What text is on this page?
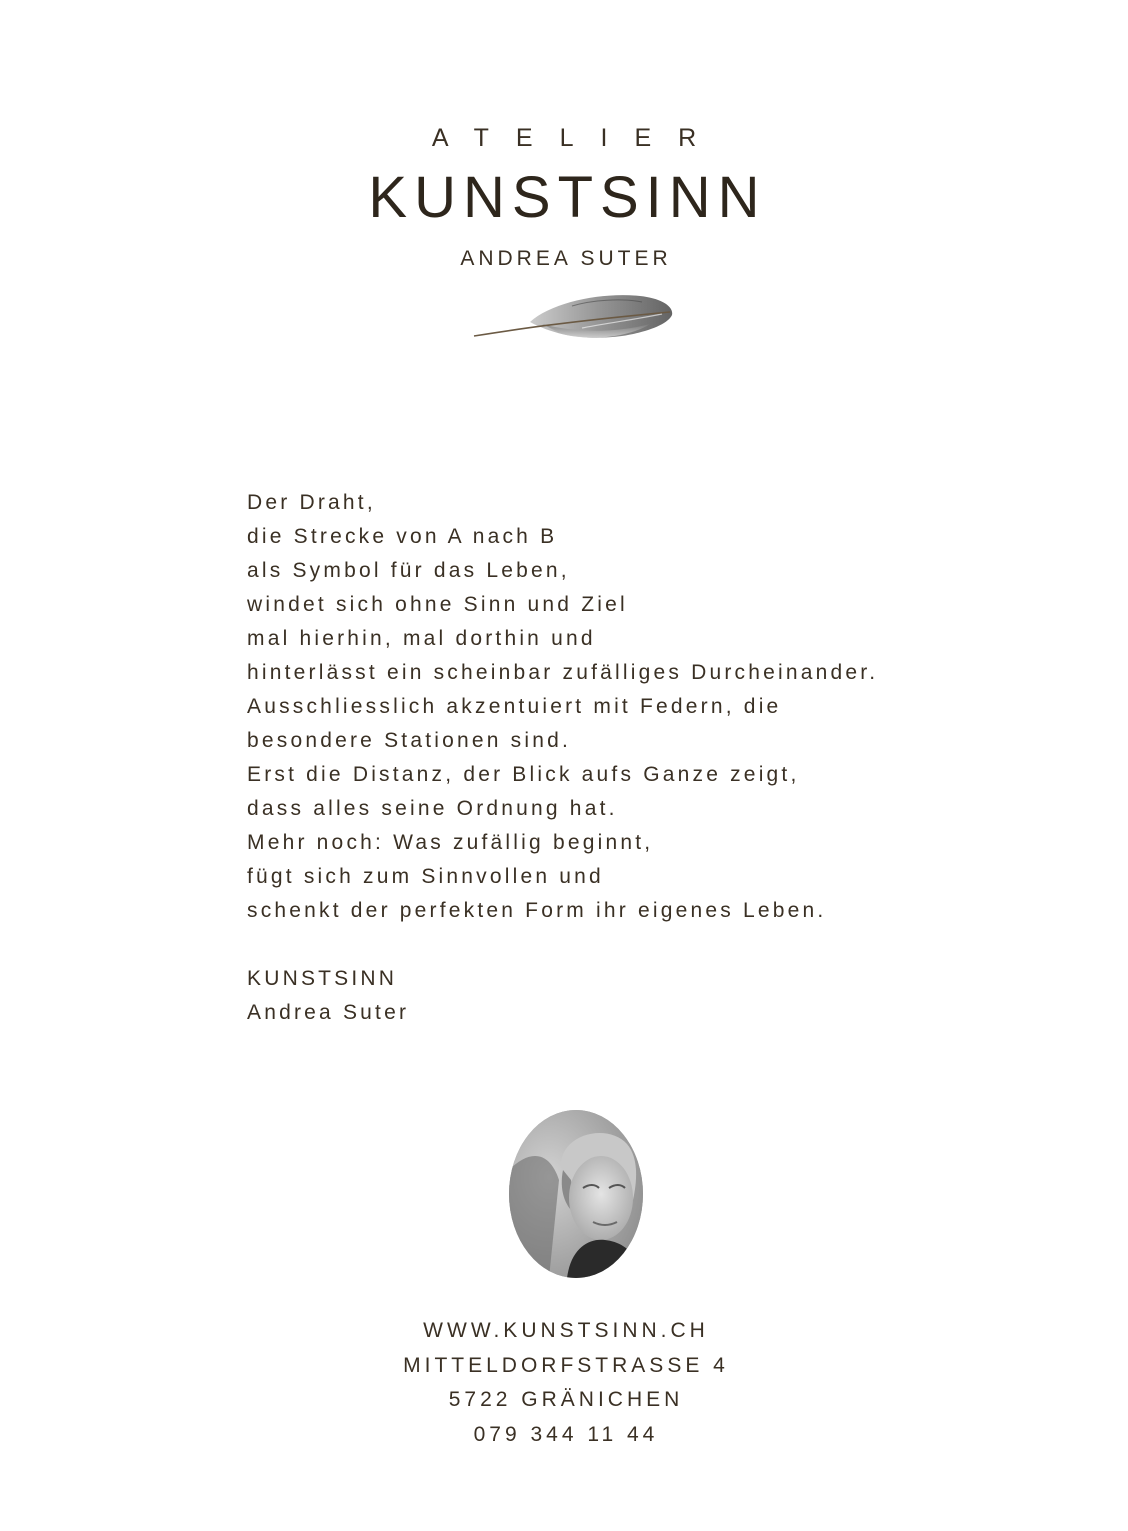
ATELIER
KUNSTSINN
ANDREA SUTER
Der Draht,
die Strecke von A nach B
als Symbol für das Leben,
windet sich ohne Sinn und Ziel
mal hierhin, mal dorthin und
hinterlässt ein scheinbar zufälliges Durcheinander.
Ausschliesslich akzentuiert mit Federn, die
besondere Stationen sind.
Erst die Distanz, der Blick aufs Ganze zeigt,
dass alles seine Ordnung hat.
Mehr noch: Was zufällig beginnt,
fügt sich zum Sinnvollen und
schenkt der perfekten Form ihr eigenes Leben.
KUNSTSINN
Andrea Suter
WWW.KUNSTSINN.CH
MITTELDORFSTRASSE 4
5722 GRÄNICHEN
079 344 11 44
